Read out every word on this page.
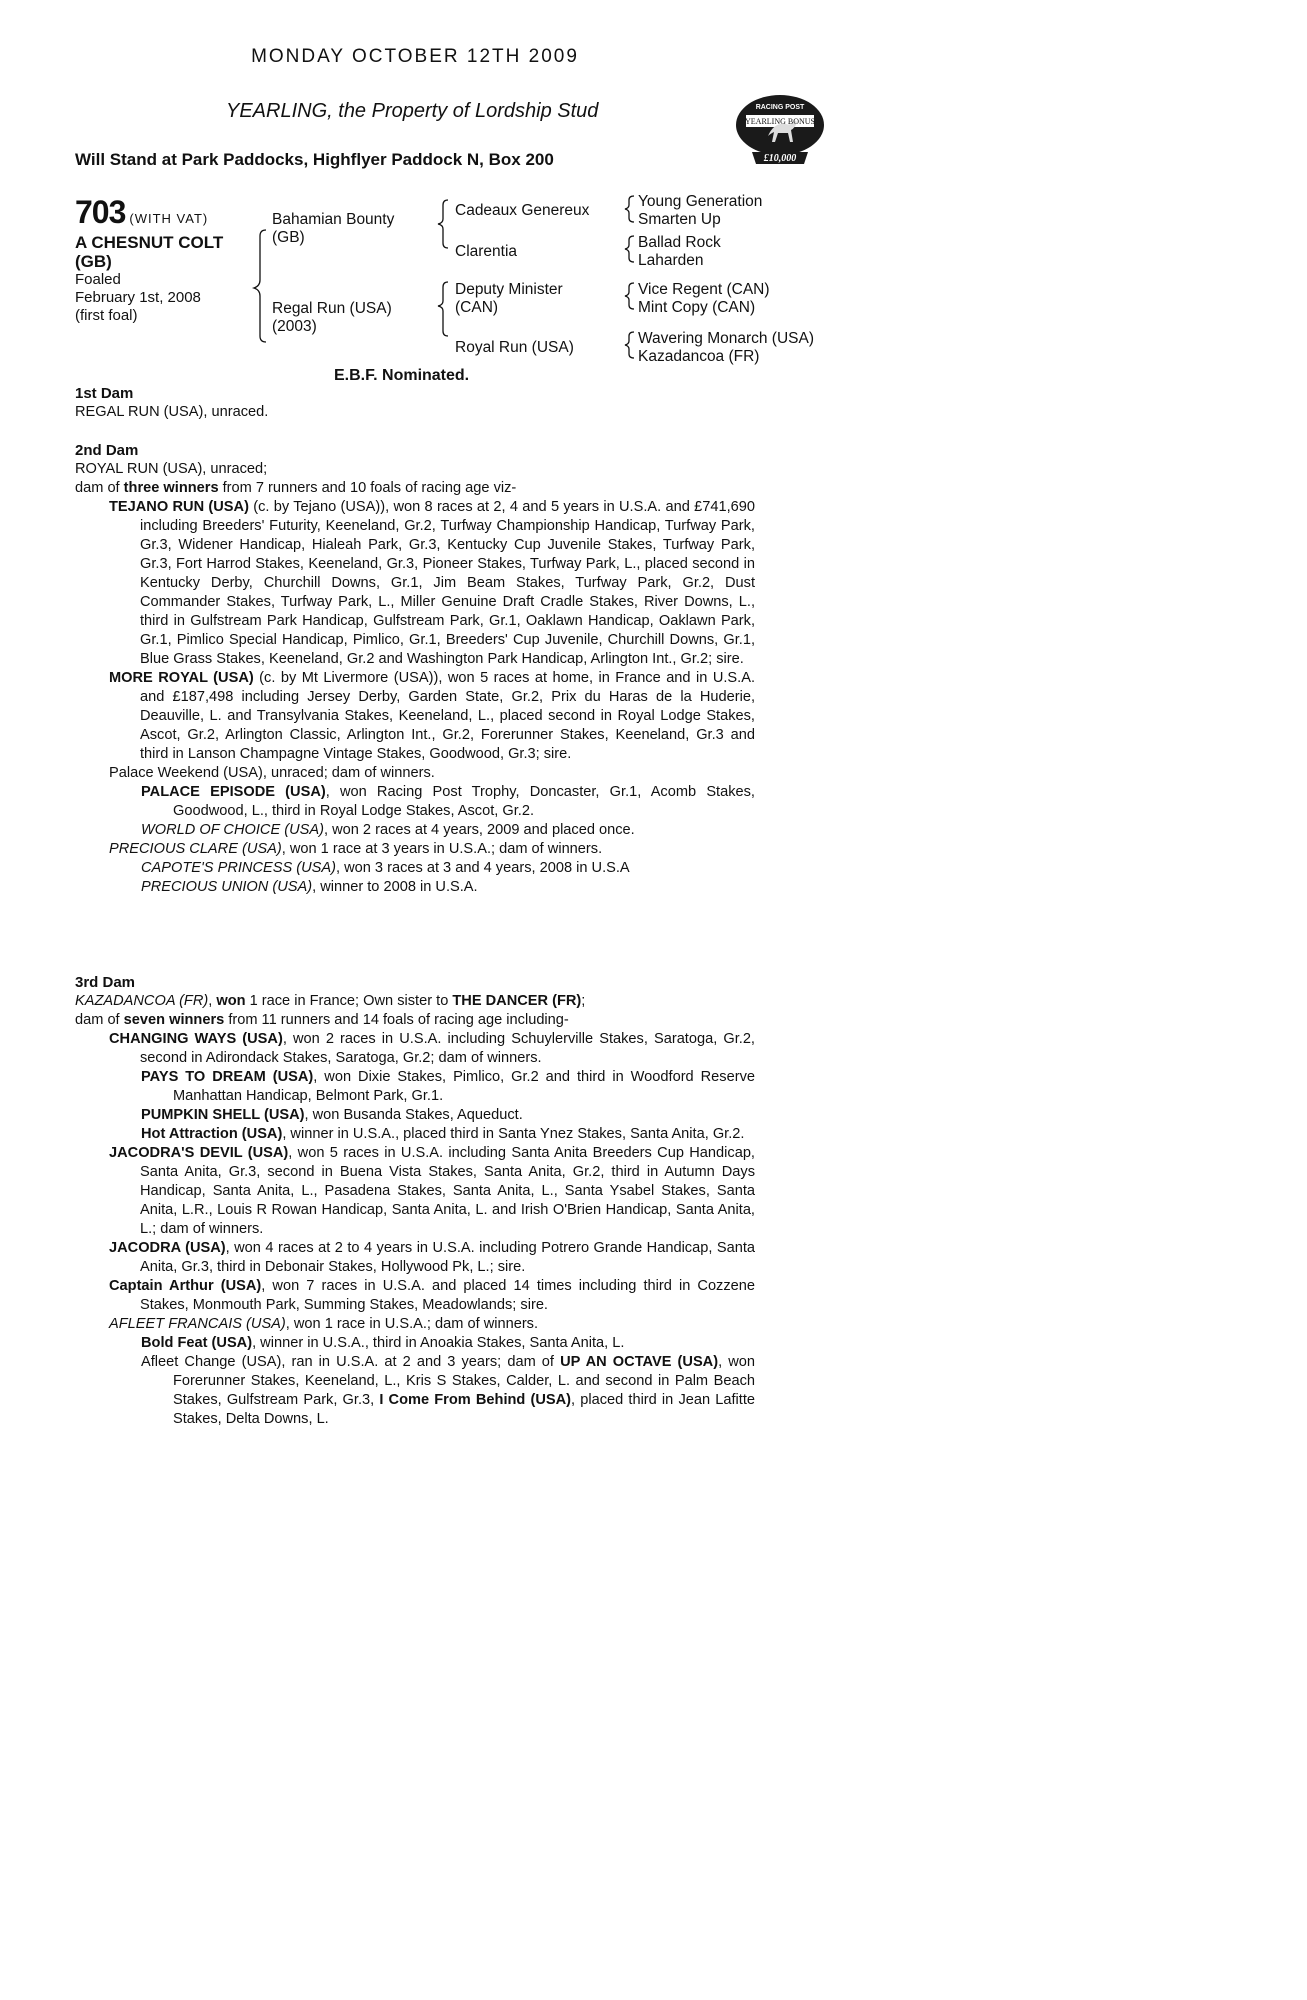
MONDAY OCTOBER 12TH 2009
YEARLING, the Property of Lordship Stud
Will Stand at Park Paddocks, Highflyer Paddock N, Box 200
RACING POST
YEARLING BONUS
£10,000
703 (WITH VAT)
A CHESNUT COLT
(GB)
Foaled
February 1st, 2008
(first foal)
Bahamian Bounty
(GB)
Regal Run (USA)
(2003)
Cadeaux Genereux
Clarentia
Deputy Minister
(CAN)
Royal Run (USA)
Young Generation
Smarten Up
Ballad Rock
Laharden
Vice Regent (CAN)
Mint Copy (CAN)
Wavering Monarch (USA)
Kazadancoa (FR)
E.B.F. Nominated.

1st Dam

REGAL RUN (USA), unraced.

2nd Dam

ROYAL RUN (USA), unraced;

dam of three winners from 7 runners and 10 foals of racing age viz-

TEJANO RUN (USA) (c. by Tejano (USA)), won 8 races at 2, 4 and 5 years in U.S.A. and £741,690 including Breeders' Futurity, Keeneland, Gr.2, Turfway Championship Handicap, Turfway Park, Gr.3, Widener Handicap, Hialeah Park, Gr.3, Kentucky Cup Juvenile Stakes, Turfway Park, Gr.3, Fort Harrod Stakes, Keeneland, Gr.3, Pioneer Stakes, Turfway Park, L., placed second in Kentucky Derby, Churchill Downs, Gr.1, Jim Beam Stakes, Turfway Park, Gr.2, Dust Commander Stakes, Turfway Park, L., Miller Genuine Draft Cradle Stakes, River Downs, L., third in Gulfstream Park Handicap, Gulfstream Park, Gr.1, Oaklawn Handicap, Oaklawn Park, Gr.1, Pimlico Special Handicap, Pimlico, Gr.1, Breeders' Cup Juvenile, Churchill Downs, Gr.1, Blue Grass Stakes, Keeneland, Gr.2 and Washington Park Handicap, Arlington Int., Gr.2; sire.

MORE ROYAL (USA) (c. by Mt Livermore (USA)), won 5 races at home, in France and in U.S.A. and £187,498 including Jersey Derby, Garden State, Gr.2, Prix du Haras de la Huderie, Deauville, L. and Transylvania Stakes, Keeneland, L., placed second in Royal Lodge Stakes, Ascot, Gr.2, Arlington Classic, Arlington Int., Gr.2, Forerunner Stakes, Keeneland, Gr.3 and third in Lanson Champagne Vintage Stakes, Goodwood, Gr.3; sire.

Palace Weekend (USA), unraced; dam of winners.

PALACE EPISODE (USA), won Racing Post Trophy, Doncaster, Gr.1, Acomb Stakes, Goodwood, L., third in Royal Lodge Stakes, Ascot, Gr.2.

WORLD OF CHOICE (USA), won 2 races at 4 years, 2009 and placed once.

PRECIOUS CLARE (USA), won 1 race at 3 years in U.S.A.; dam of winners.

CAPOTE'S PRINCESS (USA), won 3 races at 3 and 4 years, 2008 in U.S.A

PRECIOUS UNION (USA), winner to 2008 in U.S.A.

3rd Dam

KAZADANCOA (FR), won 1 race in France; Own sister to THE DANCER (FR);

dam of seven winners from 11 runners and 14 foals of racing age including-

CHANGING WAYS (USA), won 2 races in U.S.A. including Schuylerville Stakes, Saratoga, Gr.2, second in Adirondack Stakes, Saratoga, Gr.2; dam of winners.

PAYS TO DREAM (USA), won Dixie Stakes, Pimlico, Gr.2 and third in Woodford Reserve Manhattan Handicap, Belmont Park, Gr.1.

PUMPKIN SHELL (USA), won Busanda Stakes, Aqueduct.

Hot Attraction (USA), winner in U.S.A., placed third in Santa Ynez Stakes, Santa Anita, Gr.2.

JACODRA'S DEVIL (USA), won 5 races in U.S.A. including Santa Anita Breeders Cup Handicap, Santa Anita, Gr.3, second in Buena Vista Stakes, Santa Anita, Gr.2, third in Autumn Days Handicap, Santa Anita, L., Pasadena Stakes, Santa Anita, L., Santa Ysabel Stakes, Santa Anita, L.R., Louis R Rowan Handicap, Santa Anita, L. and Irish O'Brien Handicap, Santa Anita, L.; dam of winners.

JACODRA (USA), won 4 races at 2 to 4 years in U.S.A. including Potrero Grande Handicap, Santa Anita, Gr.3, third in Debonair Stakes, Hollywood Pk, L.; sire.

Captain Arthur (USA), won 7 races in U.S.A. and placed 14 times including third in Cozzene Stakes, Monmouth Park, Summing Stakes, Meadowlands; sire.

AFLEET FRANCAIS (USA), won 1 race in U.S.A.; dam of winners.

Bold Feat (USA), winner in U.S.A., third in Anoakia Stakes, Santa Anita, L.

Afleet Change (USA), ran in U.S.A. at 2 and 3 years; dam of UP AN OCTAVE (USA), won Forerunner Stakes, Keeneland, L., Kris S Stakes, Calder, L. and second in Palm Beach Stakes, Gulfstream Park, Gr.3, I Come From Behind (USA), placed third in Jean Lafitte Stakes, Delta Downs, L.
